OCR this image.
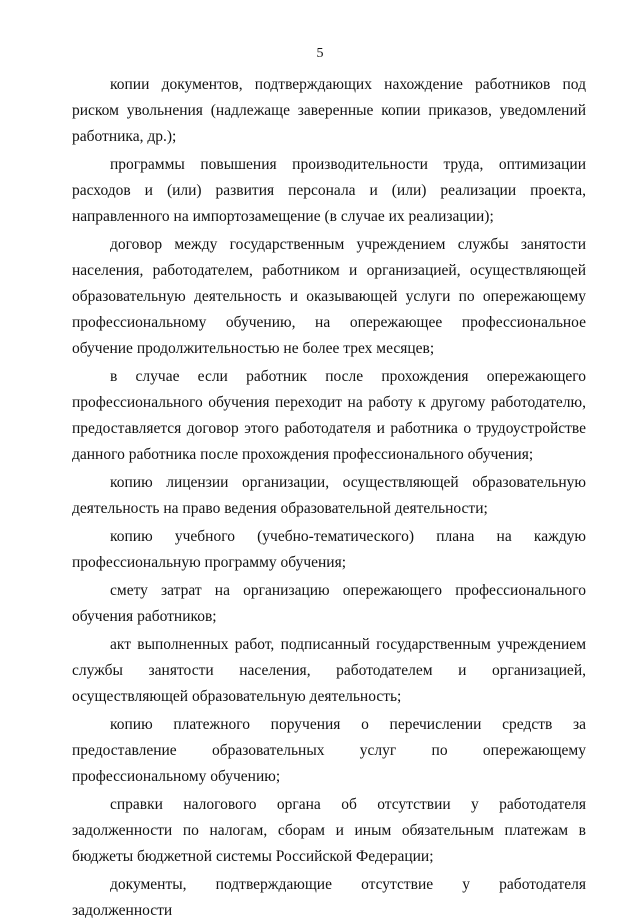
5

копии документов, подтверждающих нахождение работников под риском увольнения (надлежаще заверенные копии приказов, уведомлений работника, др.);

программы повышения производительности труда, оптимизации расходов и (или) развития персонала и (или) реализации проекта, направленного на импортозамещение (в случае их реализации);

договор между государственным учреждением службы занятости населения, работодателем, работником и организацией, осуществляющей образовательную деятельность и оказывающей услуги по опережающему профессиональному обучению, на опережающее профессиональное обучение продолжительностью не более трех месяцев;

в случае если работник после прохождения опережающего профессионального обучения переходит на работу к другому работодателю, предоставляется договор этого работодателя и работника о трудоустройстве данного работника после прохождения профессионального обучения;

копию лицензии организации, осуществляющей образовательную деятельность на право ведения образовательной деятельности;

копию учебного (учебно-тематического) плана на каждую профессиональную программу обучения;

смету затрат на организацию опережающего профессионального обучения работников;

акт выполненных работ, подписанный государственным учреждением службы занятости населения, работодателем и организацией, осуществляющей образовательную деятельность;

копию платежного поручения о перечислении средств за предоставление образовательных услуг по опережающему профессиональному обучению;

справки налогового органа об отсутствии у работодателя задолженности по налогам, сборам и иным обязательным платежам в бюджеты бюджетной системы Российской Федерации;

документы, подтверждающие отсутствие у работодателя задолженности
